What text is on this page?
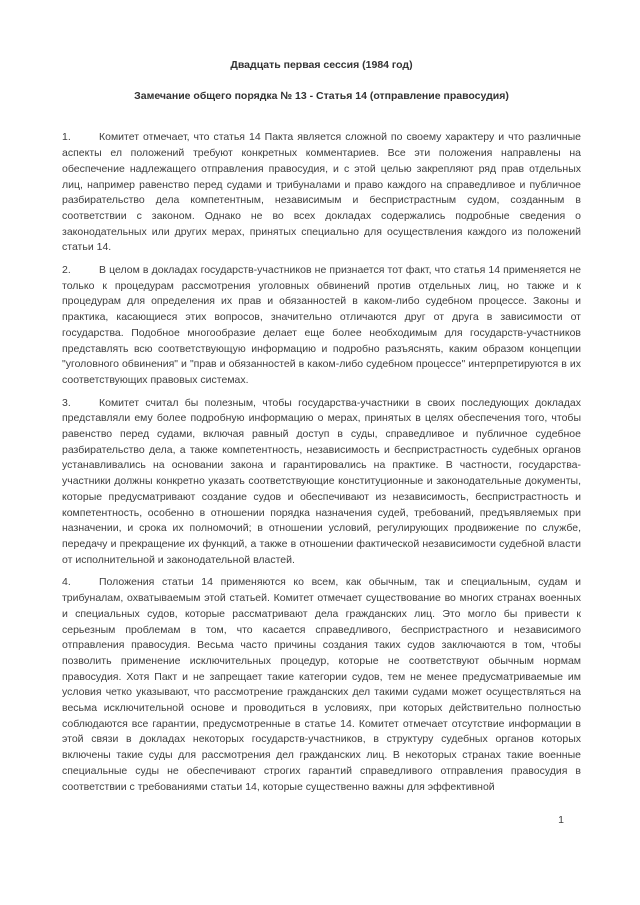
Двадцать первая сессия (1984 год)
Замечание общего порядка № 13 - Статья 14 (отправление правосудия)

1.	Комитет отмечает, что статья 14 Пакта является сложной по своему характеру и что различные аспекты ел положений требуют конкретных комментариев. Все эти положения направлены на обеспечение надлежащего отправления правосудия, и с этой целью закрепляют ряд прав отдельных лиц, например равенство перед судами и трибуналами и право каждого на справедливое и публичное разбирательство дела компетентным, независимым и беспристрастным судом, созданным в соответствии с законом. Однако не во всех докладах содержались подробные сведения о законодательных или других мерах, принятых специально для осуществления каждого из положений статьи 14.

2.	В целом в докладах государств-участников не признается тот факт, что статья 14 применяется не только к процедурам рассмотрения уголовных обвинений против отдельных лиц, но также и к процедурам для определения их прав и обязанностей в каком-либо судебном процессе. Законы и практика, касающиеся этих вопросов, значительно отличаются друг от друга в зависимости от государства. Подобное многообразие делает еще более необходимым для государств-участников представлять всю соответствующую информацию и подробно разъяснять, каким образом концепции "уголовного обвинения" и "прав и обязанностей в каком-либо судебном процессе" интерпретируются в их соответствующих правовых системах.

3.	Комитет считал бы полезным, чтобы государства-участники в своих последующих докладах представляли ему более подробную информацию о мерах, принятых в целях обеспечения того, чтобы равенство перед судами, включая равный доступ в суды, справедливое и публичное судебное разбирательство дела, а также компетентность, независимость и беспристрастность судебных органов устанавливались на основании закона и гарантировались на практике. В частности, государства-участники должны конкретно указать соответствующие конституционные и законодательные документы, которые предусматривают создание судов и обеспечивают из независимость, беспристрастность и компетентность, особенно в отношении порядка назначения судей, требований, предъявляемых при назначении, и срока их полномочий; в отношении условий, регулирующих продвижение по службе, передачу и прекращение их функций, а также в отношении фактической независимости судебной власти от исполнительной и законодательной властей.

4.	Положения статьи 14 применяются ко всем, как обычным, так и специальным, судам и трибуналам, охватываемым этой статьей. Комитет отмечает существование во многих странах военных и специальных судов, которые рассматривают дела гражданских лиц. Это могло бы привести к серьезным проблемам в том, что касается справедливого, беспристрастного и независимого отправления правосудия. Весьма часто причины создания таких судов заключаются в том, чтобы позволить применение исключительных процедур, которые не соответствуют обычным нормам правосудия. Хотя Пакт и не запрещает такие категории судов, тем не менее предусматриваемые им условия четко указывают, что рассмотрение гражданских дел такими судами может осуществляться на весьма исключительной основе и проводиться в условиях, при которых действительно полностью соблюдаются все гарантии, предусмотренные в статье 14. Комитет отмечает отсутствие информации в этой связи в докладах некоторых государств-участников, в структуру судебных органов которых включены такие суды для рассмотрения дел гражданских лиц. В некоторых странах такие военные специальные суды не обеспечивают строгих гарантий справедливого отправления правосудия в соответствии с требованиями статьи 14, которые существенно важны для эффективной

1
